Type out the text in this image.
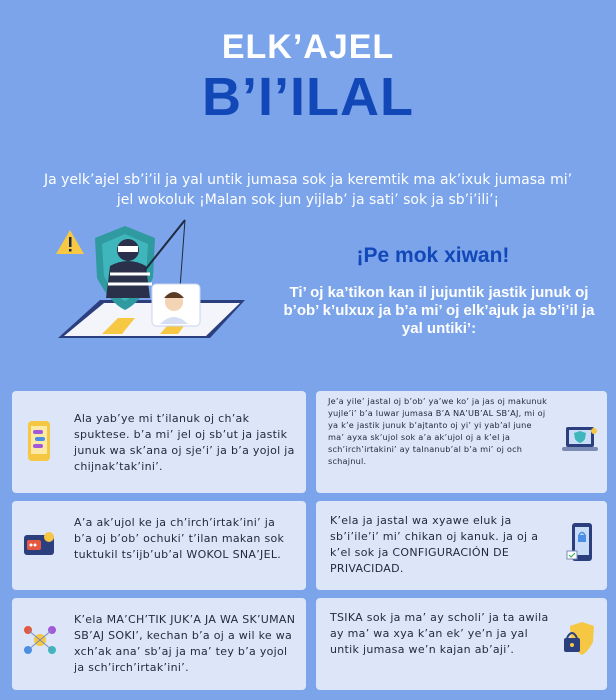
ELK’AJEL
B’I’ILAL
Ja yelk’ajel sb’i’il ja yal untik jumasa sok ja keremtik ma ak’ixuk jumasa mi’ jel wokoluk ¡Malan sok jun yijlab’ ja sati’ sok ja sb’i’ili’¡
¡Pe mok xiwan!
Ti’ oj ka’tikon kan il jujuntik jastik junuk oj b’ob’ k’ulxux ja b’a mi’ oj elk’ajuk ja sb’i’il ja yal untiki’:
Ala yab’ye mi t’ilanuk oj ch’ak spuktese. b’a mi’ jel oj sb’ut ja jastik junuk wa sk’ana oj sje’i’ ja b’a yojol ja chijnak’tak’ini’.
Je’a yile’ jastal oj b’ob’ ya’we ko’ ja jas oj makunuk yujle’i’ b’a luwar jumasa B’A NA’UB’AL SB’AJ, mi oj ya k’e jastik junuk b’ajtanto oj yi’ yi yab’al june ma’ ayxa sk’ujol sok a’a ak’ujol oj a k’el ja sch’irch’irtakini’ ay talnanub’al b’a mi’ oj och schajnul.
A’a ak’ujol ke ja ch’irch’irtak’ini’ ja b’a oj b’ob’ ochuki’ t’ilan makan sok tuktukil ts’ijb’ub’al WOKOL SNA’JEL.
K’ela ja jastal wa xyawe eluk ja sb’i’ile’i’ mi’ chikan oj kanuk. ja oj a k’el sok ja CONFIGURACIÓN DE PRIVACIDAD.
K’ela MA’CH’TIK JUK’A JA WA SK’UMAN SB’AJ SOKI’, kechan b’a oj a wil ke wa xch’ak ana’ sb’aj ja ma’ tey b’a yojol ja sch’irch’irtak’ini’.
TSIKA sok ja ma’ ay scholi’ ja ta awila ay ma’ wa xya k’an ek’ ye’n ja yal untik jumasa we’n kajan ab’aji’.
